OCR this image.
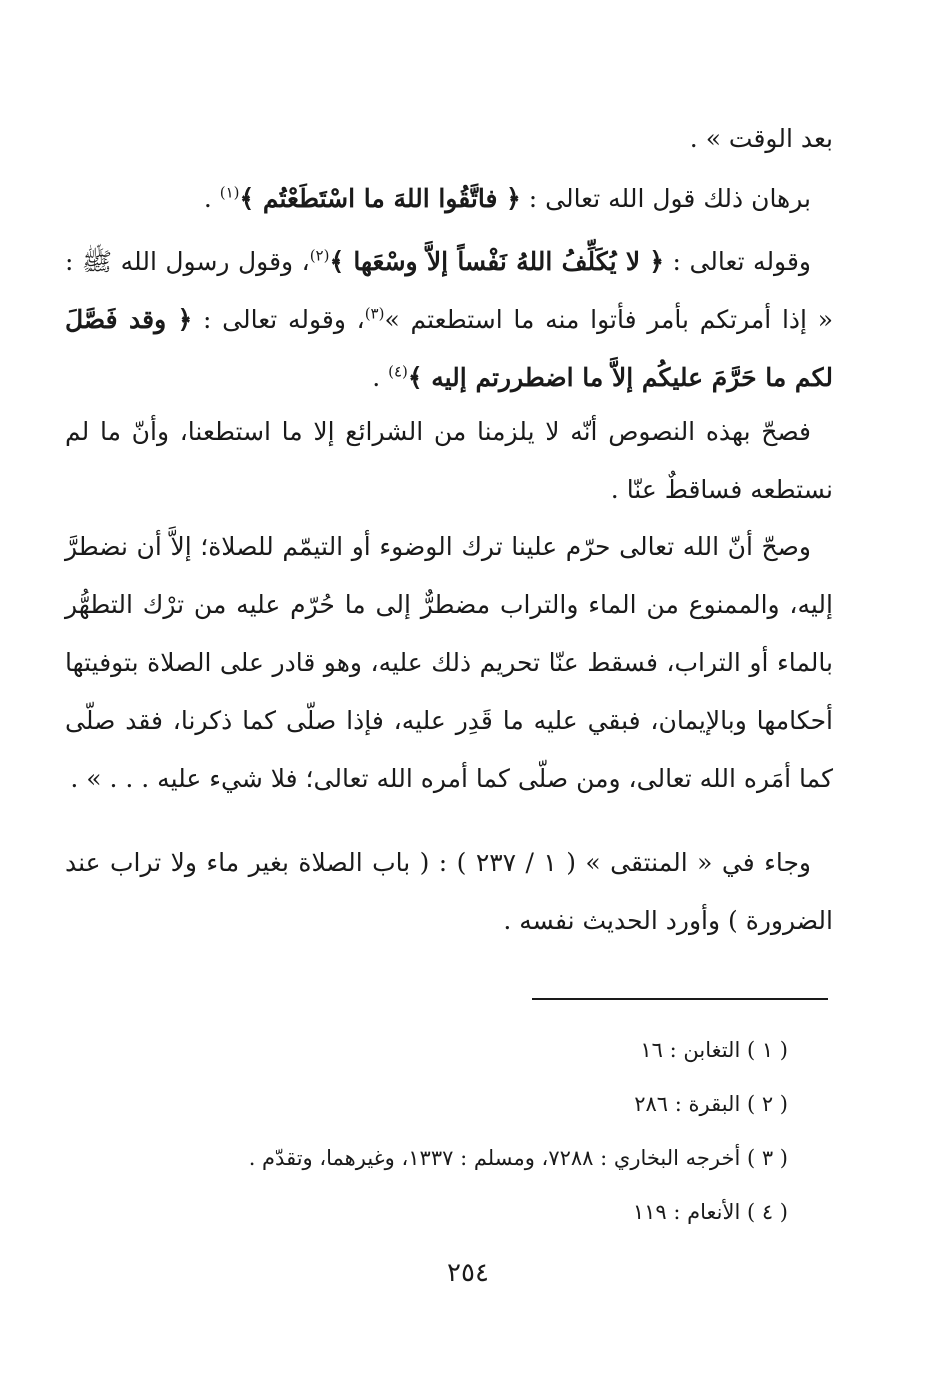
بعد الوقت » .

برهان ذلك قول الله تعالى : ﴿ فاتَّقُوا اللهَ ما اسْتَطَعْتُم ﴾$^{(١)}$ .

وقوله تعالى : ﴿ لا يُكَلِّفُ اللهُ نَفْساً إلاَّ وسْعَها ﴾$^{(٢)}$، وقول رسول الله ﷺ : « إذا أمرتكم بأمر فأتوا منه ما استطعتم »$^{(٣)}$، وقوله تعالى : ﴿ وقد فَصَّلَ لكم ما حَرَّمَ عليكُم إلاَّ ما اضطررتم إليه ﴾$^{(٤)}$ .

فصحّ بهذه النصوص أنّه لا يلزمنا من الشرائع إلا ما استطعنا، وأنّ ما لم نستطعه فساقطٌ عنّا .

وصحّ أنّ الله تعالى حرّم علينا ترك الوضوء أو التيمّم للصلاة؛ إلاَّ أن نضطرَّ إليه، والممنوع من الماء والتراب مضطرٌّ إلى ما حُرّم عليه من ترْك التطهُّر بالماء أو التراب، فسقط عنّا تحريم ذلك عليه، وهو قادر على الصلاة بتوفيتها أحكامها وبالإيمان، فبقي عليه ما قَدِر عليه، فإذا صلّى كما ذكرنا، فقد صلّى كما أمَره الله تعالى، ومن صلّى كما أمره الله تعالى؛ فلا شيء عليه . . . » .

وجاء في « المنتقى » ( ١ / ٢٣٧ ) : ( باب الصلاة بغير ماء ولا تراب عند الضرورة ) وأورد الحديث نفسه .

( ١ ) التغابن : ١٦

( ٢ ) البقرة : ٢٨٦

( ٣ ) أخرجه البخاري : ٧٢٨٨، ومسلم : ١٣٣٧، وغيرهما، وتقدّم .

( ٤ ) الأنعام : ١١٩

٢٥٤
